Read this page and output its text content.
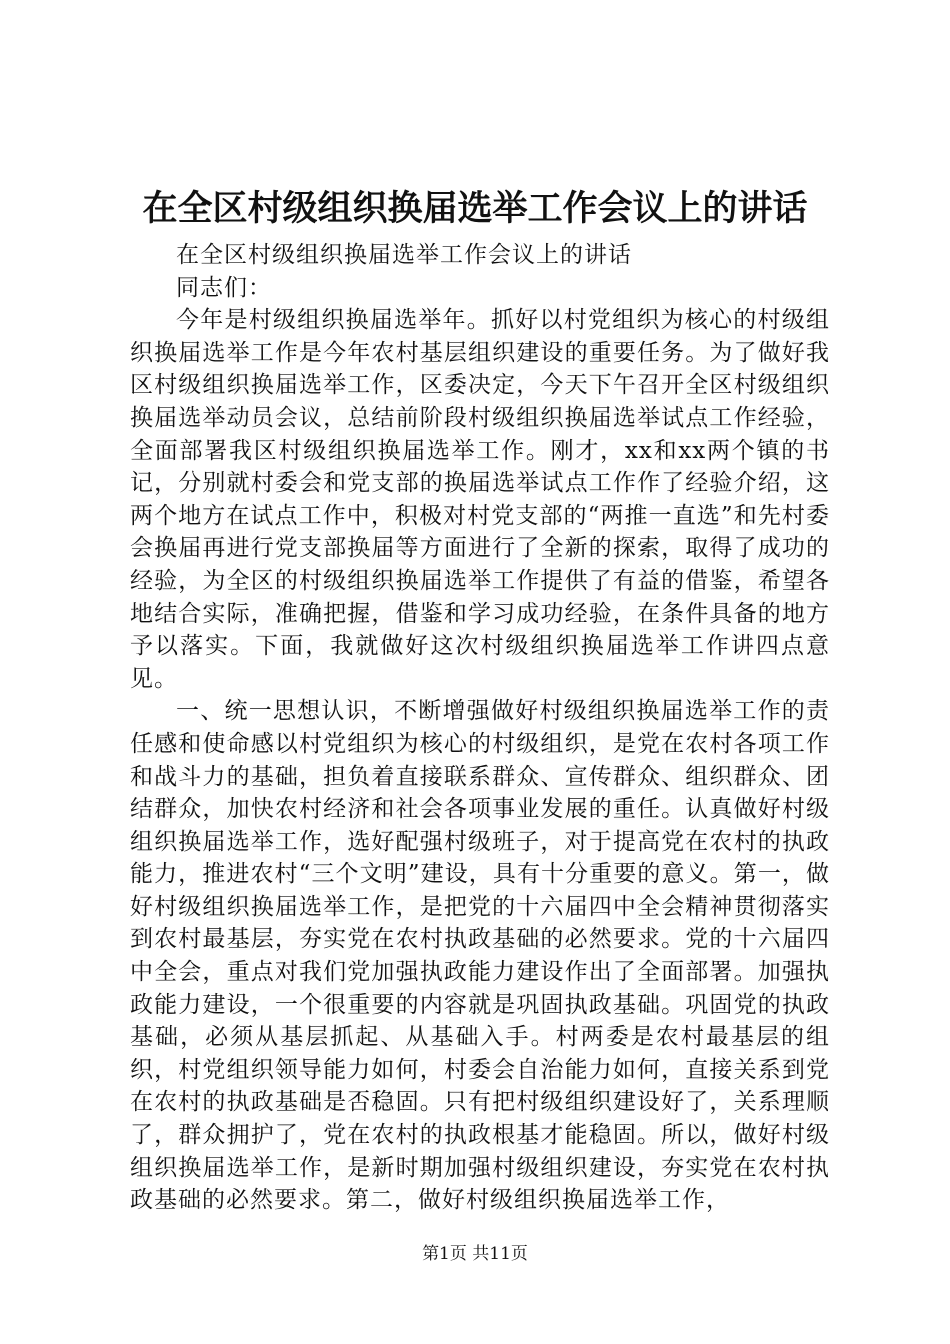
在全区村级组织换届选举工作会议上的讲话

在全区村级组织换届选举工作会议上的讲话

同志们：

今年是村级组织换届选举年。抓好以村党组织为核心的村级组织换届选举工作是今年农村基层组织建设的重要任务。为了做好我区村级组织换届选举工作，区委决定，今天下午召开全区村级组织换届选举动员会议，总结前阶段村级组织换届选举试点工作经验，全面部署我区村级组织换届选举工作。刚才，xx和xx两个镇的书记，分别就村委会和党支部的换届选举试点工作作了经验介绍，这两个地方在试点工作中，积极对村党支部的“两推一直选”和先村委会换届再进行党支部换届等方面进行了全新的探索，取得了成功的经验，为全区的村级组织换届选举工作提供了有益的借鉴，希望各地结合实际，准确把握，借鉴和学习成功经验，在条件具备的地方予以落实。下面，我就做好这次村级组织换届选举工作讲四点意见。

一、统一思想认识，不断增强做好村级组织换届选举工作的责任感和使命感以村党组织为核心的村级组织，是党在农村各项工作和战斗力的基础，担负着直接联系群众、宣传群众、组织群众、团结群众，加快农村经济和社会各项事业发展的重任。认真做好村级组织换届选举工作，选好配强村级班子，对于提高党在农村的执政能力，推进农村“三个文明”建设，具有十分重要的意义。第一，做好村级组织换届选举工作，是把党的十六届四中全会精神贯彻落实到农村最基层，夯实党在农村执政基础的必然要求。党的十六届四中全会，重点对我们党加强执政能力建设作出了全面部署。加强执政能力建设，一个很重要的内容就是巩固执政基础。巩固党的执政基础，必须从基层抓起、从基础入手。村两委是农村最基层的组织，村党组织领导能力如何，村委会自治能力如何，直接关系到党在农村的执政基础是否稳固。只有把村级组织建设好了，关系理顺了，群众拥护了，党在农村的执政根基才能稳固。所以，做好村级组织换届选举工作，是新时期加强村级组织建设，夯实党在农村执政基础的必然要求。第二，做好村级组织换届选举工作，

第1页 共11页
